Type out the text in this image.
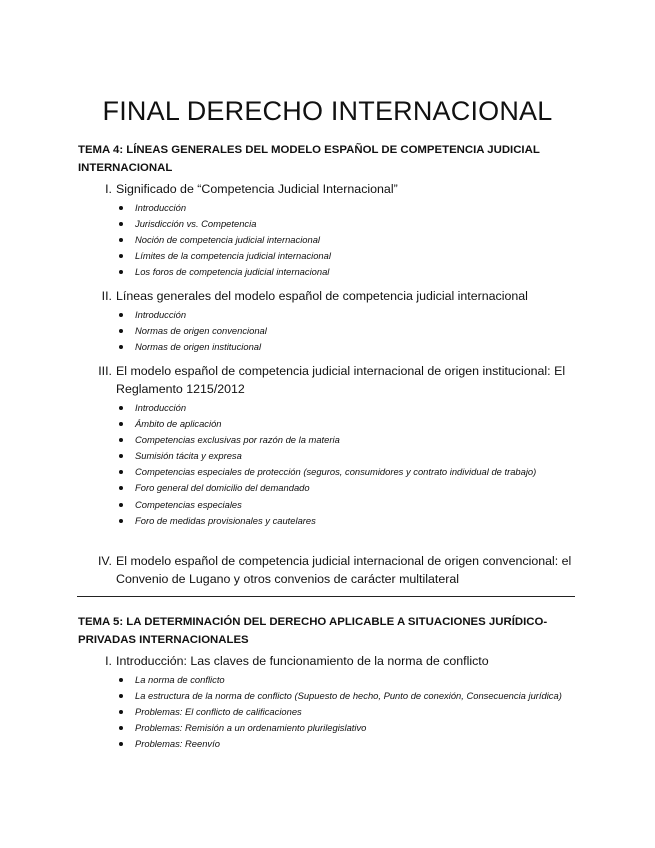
FINAL DERECHO INTERNACIONAL
TEMA 4: LÍNEAS GENERALES DEL MODELO ESPAÑOL DE COMPETENCIA JUDICIAL INTERNACIONAL
I. Significado de “Competencia Judicial Internacional”
Introducción
Jurisdicción vs. Competencia
Noción de competencia judicial internacional
Límites de la competencia judicial internacional
Los foros de competencia judicial internacional
II. Líneas generales del modelo español de competencia judicial internacional
Introducción
Normas de origen convencional
Normas de origen institucional
III. El modelo español de competencia judicial internacional de origen institucional: El Reglamento 1215/2012
Introducción
Ámbito de aplicación
Competencias exclusivas por razón de la materia
Sumisión tácita y expresa
Competencias especiales de protección (seguros, consumidores y contrato individual de trabajo)
Foro general del domicilio del demandado
Competencias especiales
Foro de medidas provisionales y cautelares
IV. El modelo español de competencia judicial internacional de origen convencional: el Convenio de Lugano y otros convenios de carácter multilateral
TEMA 5: LA DETERMINACIÓN DEL DERECHO APLICABLE A SITUACIONES JURÍDICO-PRIVADAS INTERNACIONALES
I. Introducción: Las claves de funcionamiento de la norma de conflicto
La norma de conflicto
La estructura de la norma de conflicto (Supuesto de hecho, Punto de conexión, Consecuencia jurídica)
Problemas: El conflicto de calificaciones
Problemas: Remisión a un ordenamiento plurilegislativo
Problemas: Reenvío
